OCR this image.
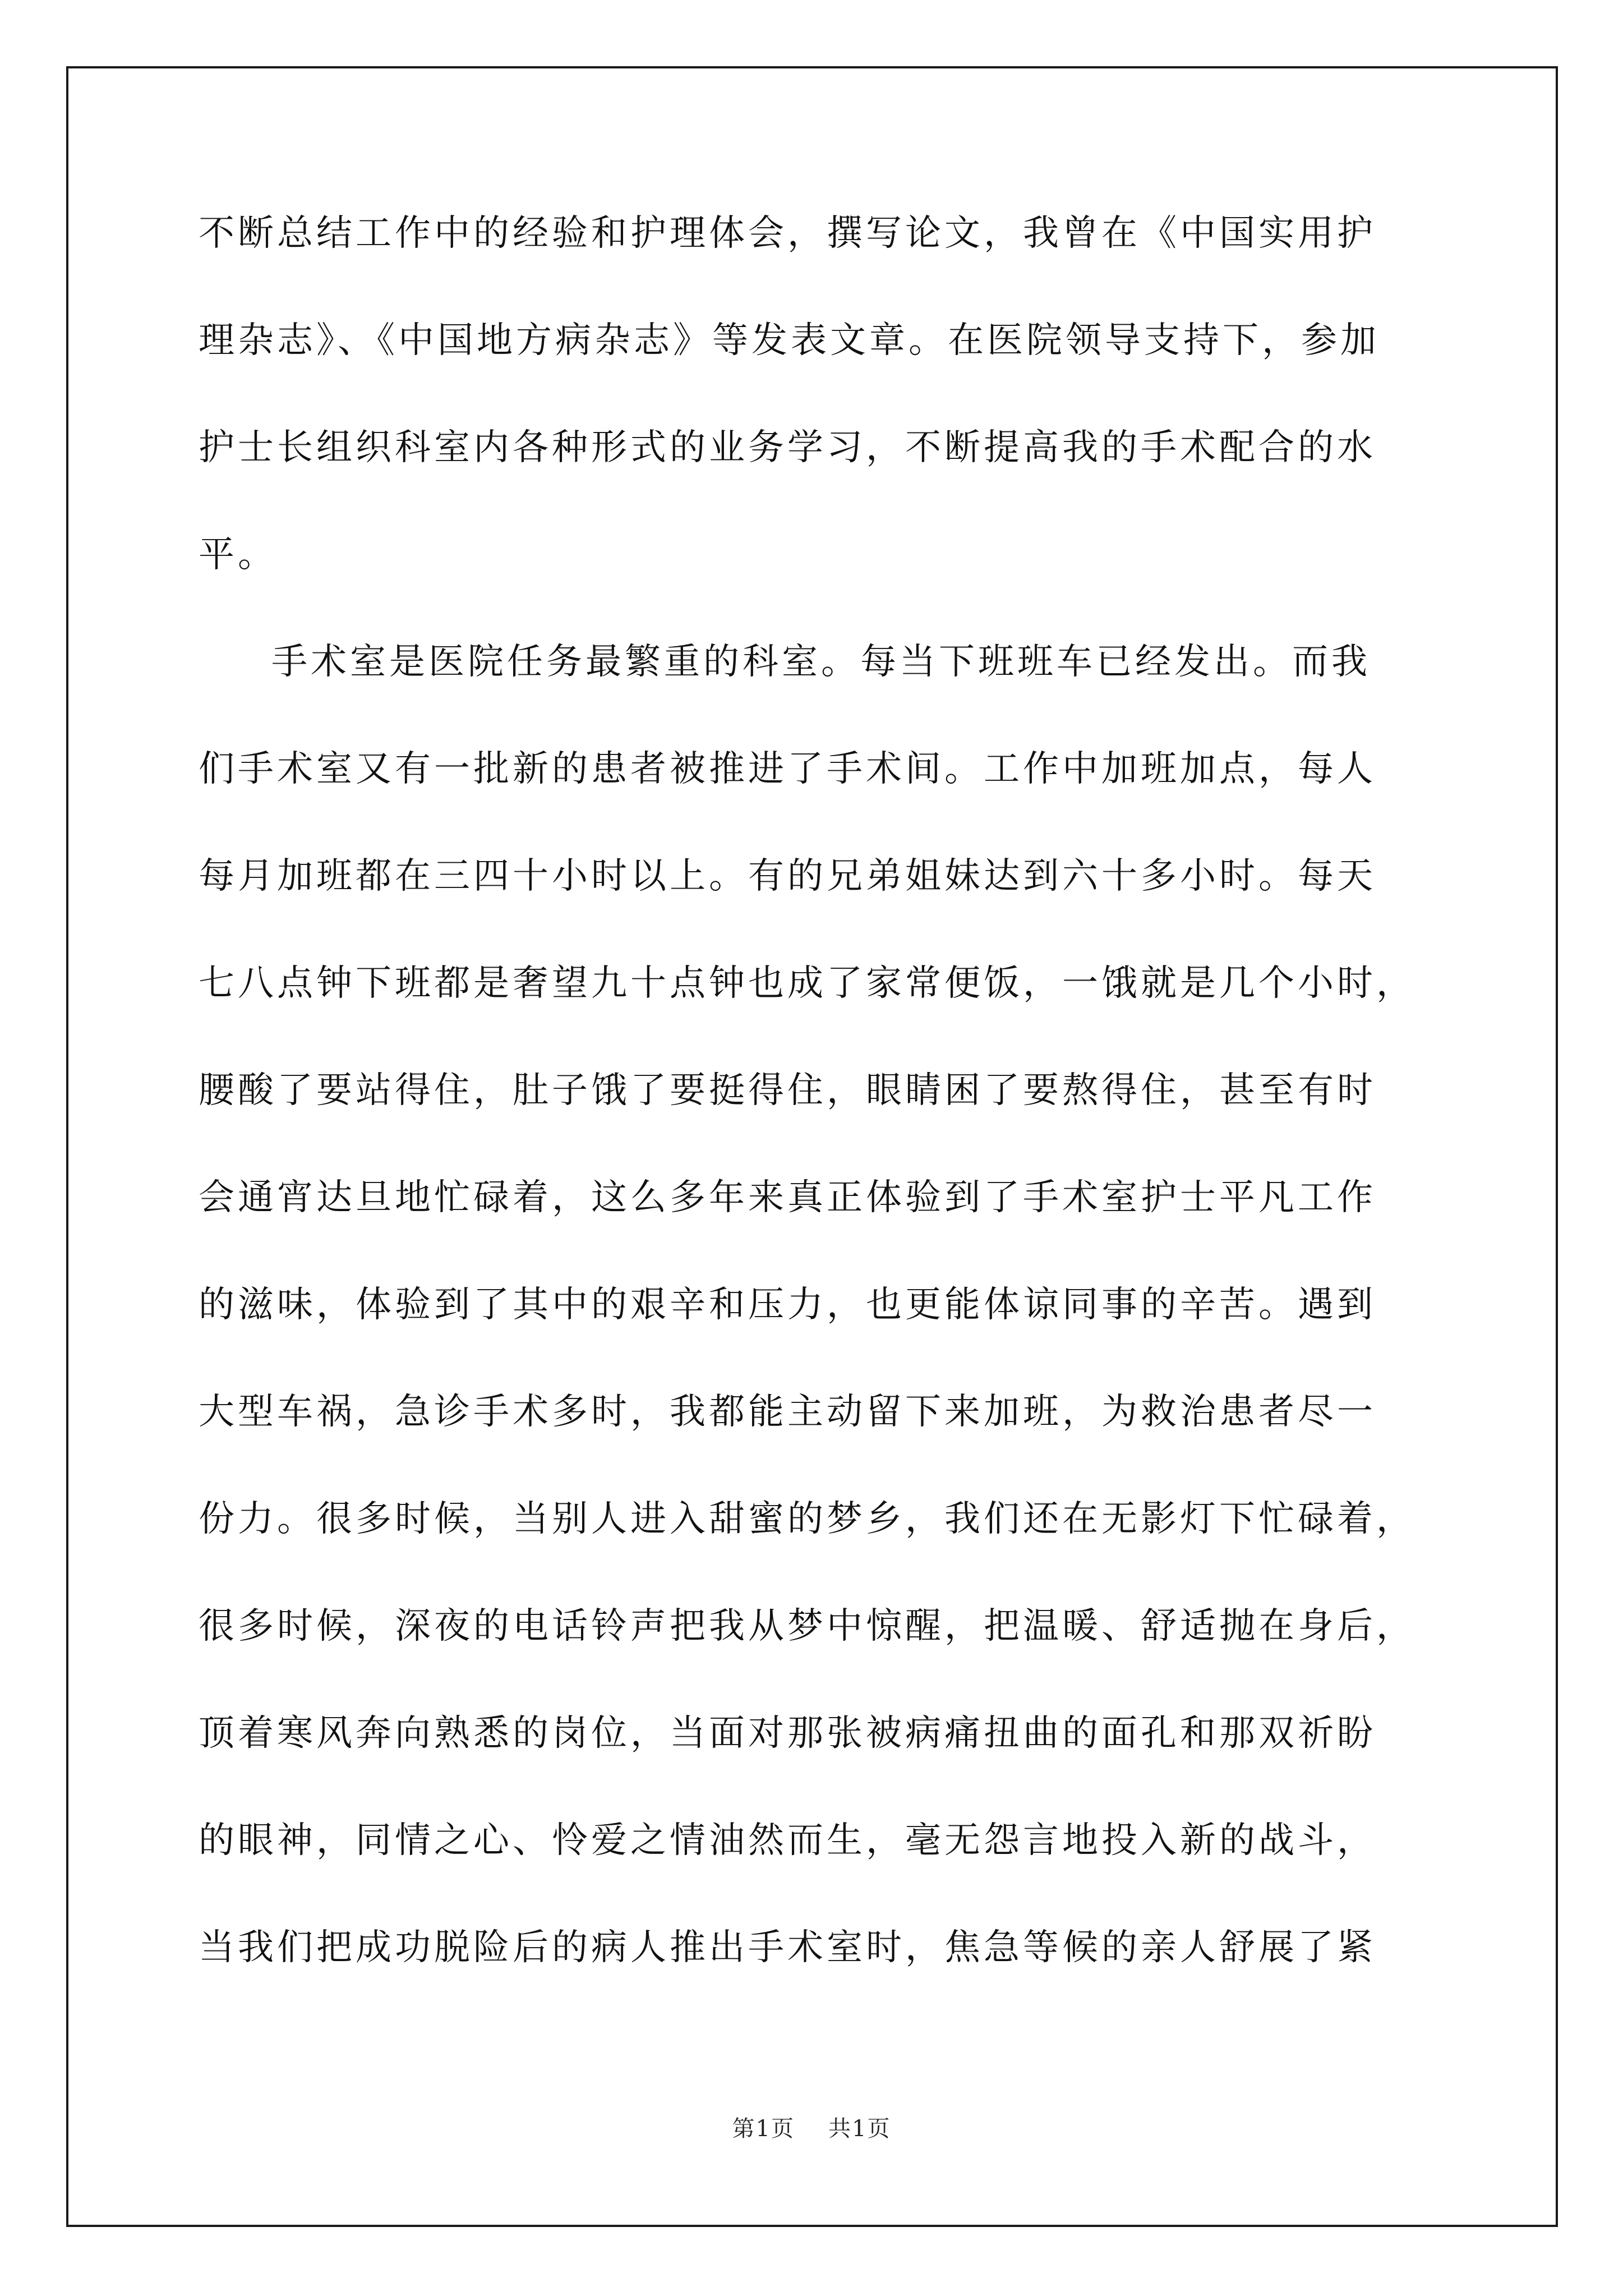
不断总结工作中的经验和护理体会，撰写论文，我曾在《中国实用护
理杂志》、《中国地方病杂志》等发表文章。在医院领导支持下，参加
护士长组织科室内各种形式的业务学习，不断提高我的手术配合的水
平。
手术室是医院任务最繁重的科室。每当下班班车已经发出。而我
们手术室又有一批新的患者被推进了手术间。工作中加班加点，每人
每月加班都在三四十小时以上。有的兄弟姐妹达到六十多小时。每天
七八点钟下班都是奢望九十点钟也成了家常便饭，一饿就是几个小时，
腰酸了要站得住，肚子饿了要挺得住，眼睛困了要熬得住，甚至有时
会通宵达旦地忙碌着，这么多年来真正体验到了手术室护士平凡工作
的滋味，体验到了其中的艰辛和压力，也更能体谅同事的辛苦。遇到
大型车祸，急诊手术多时，我都能主动留下来加班，为救治患者尽一
份力。很多时候，当别人进入甜蜜的梦乡，我们还在无影灯下忙碌着，
很多时候，深夜的电话铃声把我从梦中惊醒，把温暖、舒适抛在身后，
顶着寒风奔向熟悉的岗位，当面对那张被病痛扭曲的面孔和那双祈盼
的眼神，同情之心、怜爱之情油然而生，毫无怨言地投入新的战斗，
当我们把成功脱险后的病人推出手术室时，焦急等候的亲人舒展了紧
第1页 共1页
